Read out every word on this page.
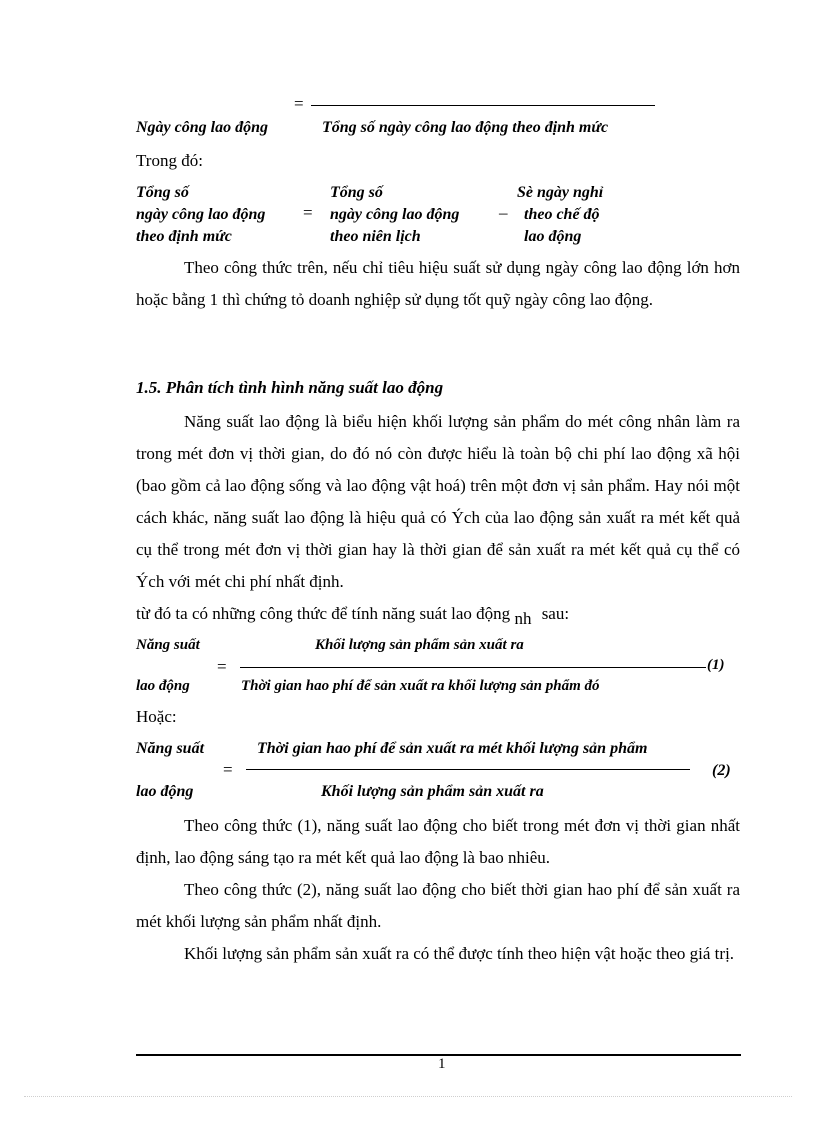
=
Ngày công lao động	Tổng số ngày công lao động theo định mức
Trong đó:
Tổng số
ngày công lao động
theo định mức
=
Tổng số
ngày công lao động
theo niên lịch
–
Sè ngày nghỉ
theo chế độ
lao động
Theo công thức trên, nếu chỉ tiêu hiệu suất sử dụng ngày công lao động lớn hơn hoặc bằng 1 thì chứng tỏ doanh nghiệp sử dụng tốt quỹ ngày công lao động.
1.5. Phân tích tình hình năng suất lao động
Năng suất lao động là biểu hiện khối lượng sản phẩm do mét công nhân làm ra trong mét đơn vị thời gian, do đó nó còn được hiểu là toàn bộ chi phí lao động xã hội (bao gồm cả lao động sống và lao động vật hoá) trên một đơn vị sản phẩm. Hay nói một cách khác, năng suất lao động là hiệu quả có Ých của lao động sản xuất ra mét kết quả cụ thể trong mét đơn vị thời gian hay là thời gian để sản xuất ra mét kết quả cụ thể có Ých với mét chi phí nhất định.
từ đó ta có những công thức để tính năng suát lao động nh sau:
Năng suất	Khối lượng sản phẩm sản xuất ra
=	(1)
lao động	Thời gian hao phí để sản xuất ra khối lượng sản phẩm đó
Hoặc:
Năng suất	Thời gian hao phí để sản xuất ra mét khối lượng sản phẩm
=	(2)
lao động	Khối lượng sản phẩm sản xuất ra
Theo công thức (1), năng suất lao động cho biết trong mét đơn vị thời gian nhất định, lao động sáng tạo ra mét kết quả lao động là bao nhiêu.
Theo công thức (2), năng suất lao động cho biết thời gian hao phí để sản xuất ra mét khối lượng sản phẩm nhất định.
Khối lượng sản phẩm sản xuất ra có thể được tính theo hiện vật hoặc theo giá trị.
1
